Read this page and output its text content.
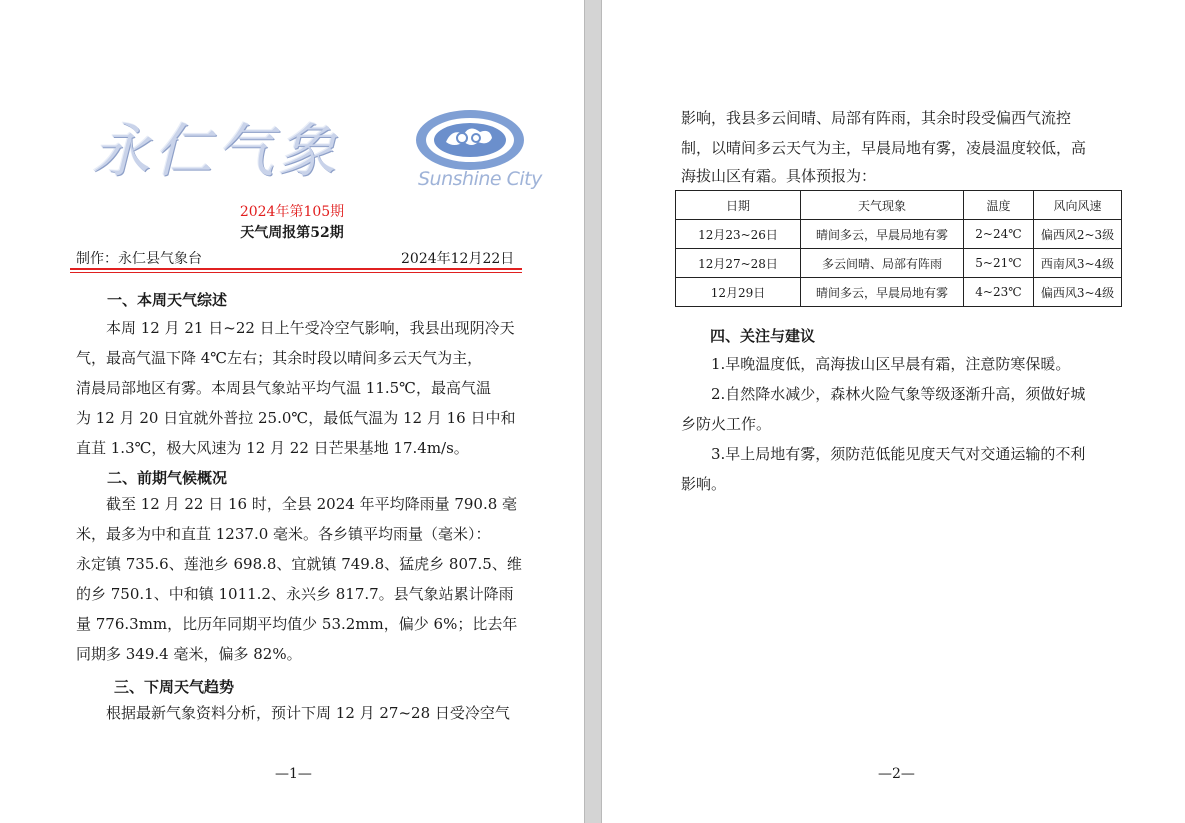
永仁气象	Sunshine City
2024年第105期
天气周报第52期
制作：永仁县气象台	2024年12月22日
一、本周天气综述
本周 12 月 21 日~22 日上午受冷空气影响，我县出现阴冷天
气，最高气温下降 4℃左右；其余时段以晴间多云天气为主，
清晨局部地区有雾。本周县气象站平均气温 11.5℃，最高气温
为 12 月 20 日宜就外普拉 25.0℃，最低气温为 12 月 16 日中和
直苴 1.3℃，极大风速为 12 月 22 日芒果基地 17.4m/s。
二、前期气候概况
截至 12 月 22 日 16 时，全县 2024 年平均降雨量 790.8 毫
米，最多为中和直苴 1237.0 毫米。各乡镇平均雨量（毫米）：
永定镇 735.6、莲池乡 698.8、宜就镇 749.8、猛虎乡 807.5、维
的乡 750.1、中和镇 1011.2、永兴乡 817.7。县气象站累计降雨
量 776.3mm，比历年同期平均值少 53.2mm，偏少 6%；比去年
同期多 349.4 毫米，偏多 82%。
三、下周天气趋势
根据最新气象资料分析，预计下周 12 月 27~28 日受冷空气
—1—
影响，我县多云间晴、局部有阵雨，其余时段受偏西气流控
制，以晴间多云天气为主，早晨局地有雾，凌晨温度较低，高
海拔山区有霜。具体预报为：
日期	天气现象	温度	风向风速
12月23~26日	晴间多云，早晨局地有雾	2~24℃	偏西风2~3级
12月27~28日	多云间晴、局部有阵雨	5~21℃	西南风3~4级
12月29日	晴间多云，早晨局地有雾	4~23℃	偏西风3~4级
四、关注与建议
1.早晚温度低，高海拔山区早晨有霜，注意防寒保暖。
2.自然降水减少，森林火险气象等级逐渐升高，须做好城
乡防火工作。
3.早上局地有雾，须防范低能见度天气对交通运输的不利
影响。
—2—
